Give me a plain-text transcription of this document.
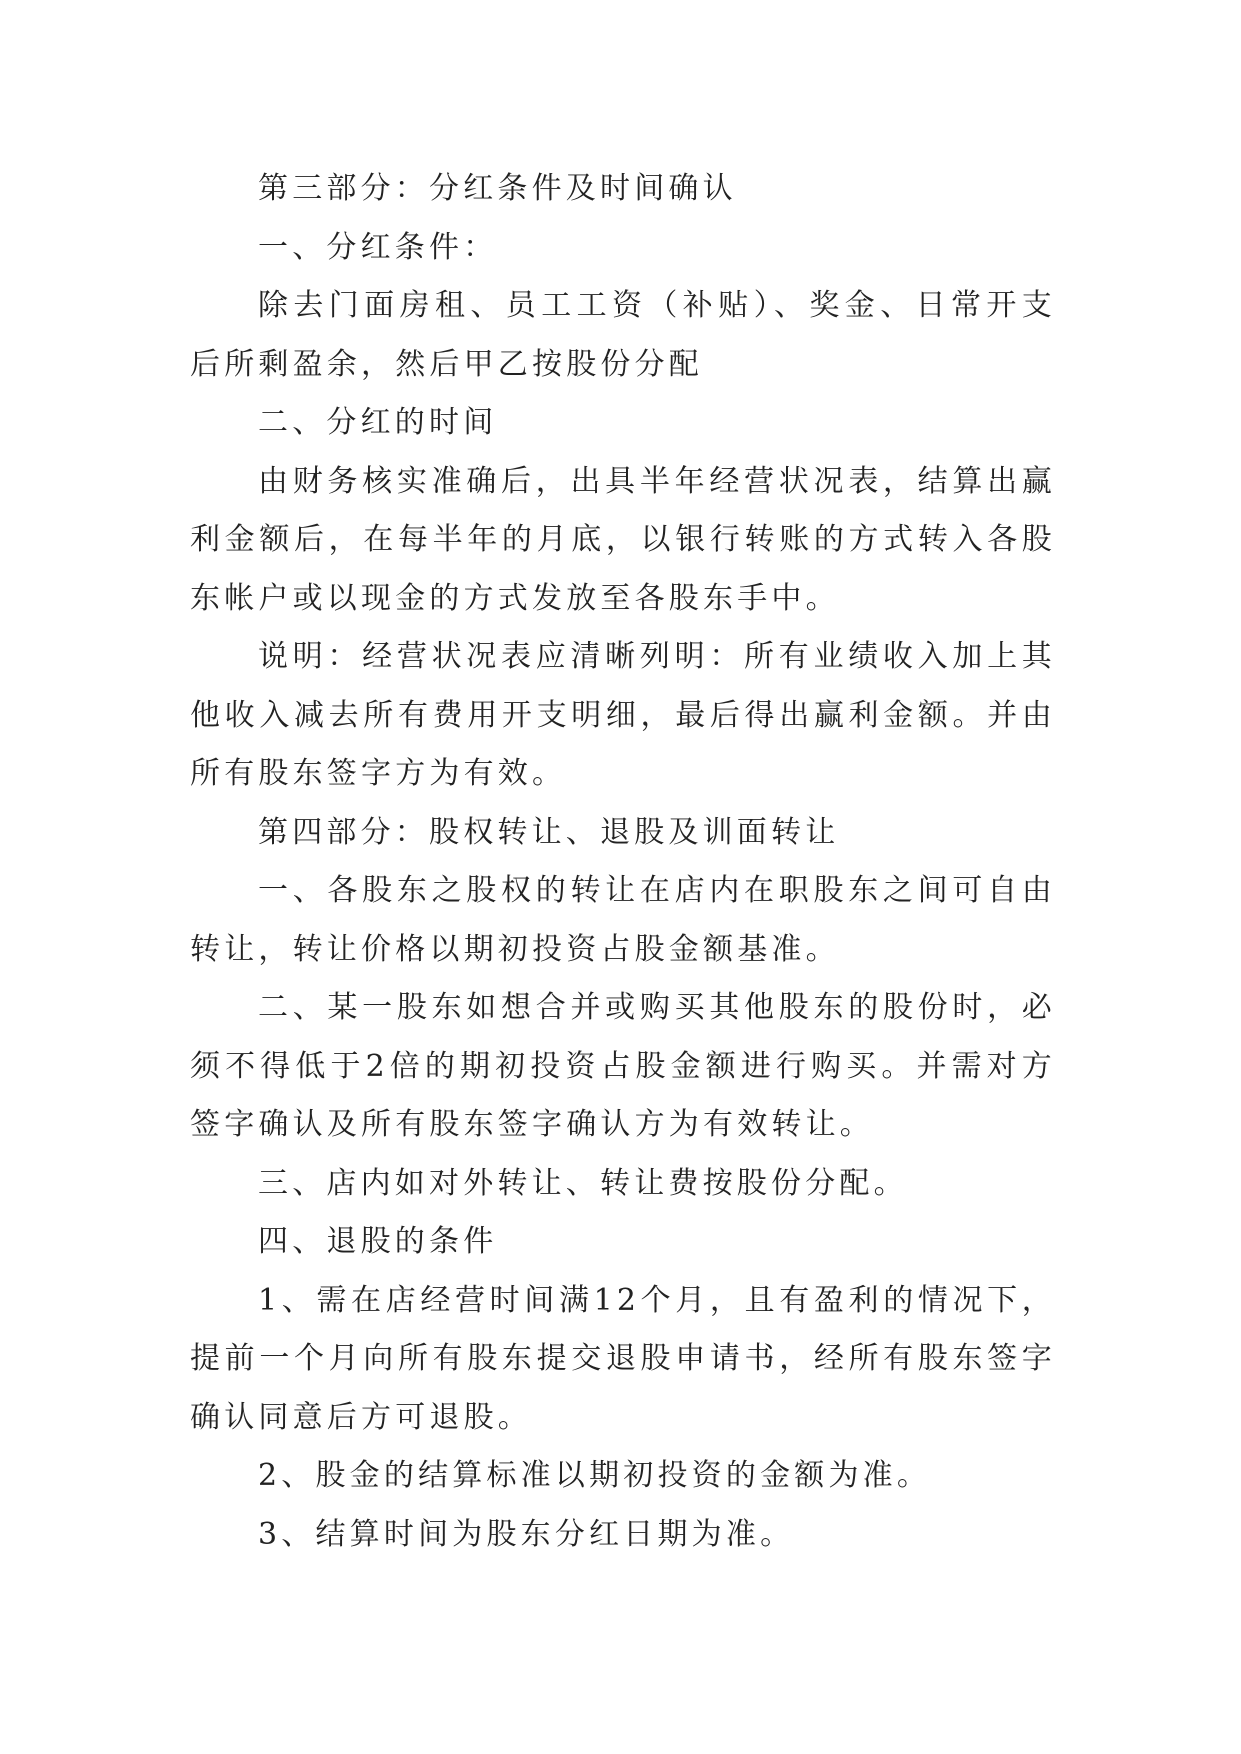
第三部分：分红条件及时间确认

一、分红条件：

除去门面房租、员工工资（补贴）、奖金、日常开支后所剩盈余，然后甲乙按股份分配

二、分红的时间

由财务核实准确后，出具半年经营状况表，结算出赢利金额后，在每半年的月底，以银行转账的方式转入各股东帐户或以现金的方式发放至各股东手中。

说明：经营状况表应清晰列明：所有业绩收入加上其他收入减去所有费用开支明细，最后得出赢利金额。并由所有股东签字方为有效。

第四部分：股权转让、退股及训面转让

一、各股东之股权的转让在店内在职股东之间可自由转让，转让价格以期初投资占股金额基准。

二、某一股东如想合并或购买其他股东的股份时，必须不得低于2倍的期初投资占股金额进行购买。并需对方签字确认及所有股东签字确认方为有效转让。

三、店内如对外转让、转让费按股份分配。

四、退股的条件

1、需在店经营时间满12个月，且有盈利的情况下，提前一个月向所有股东提交退股申请书，经所有股东签字确认同意后方可退股。

2、股金的结算标准以期初投资的金额为准。

3、结算时间为股东分红日期为准。
